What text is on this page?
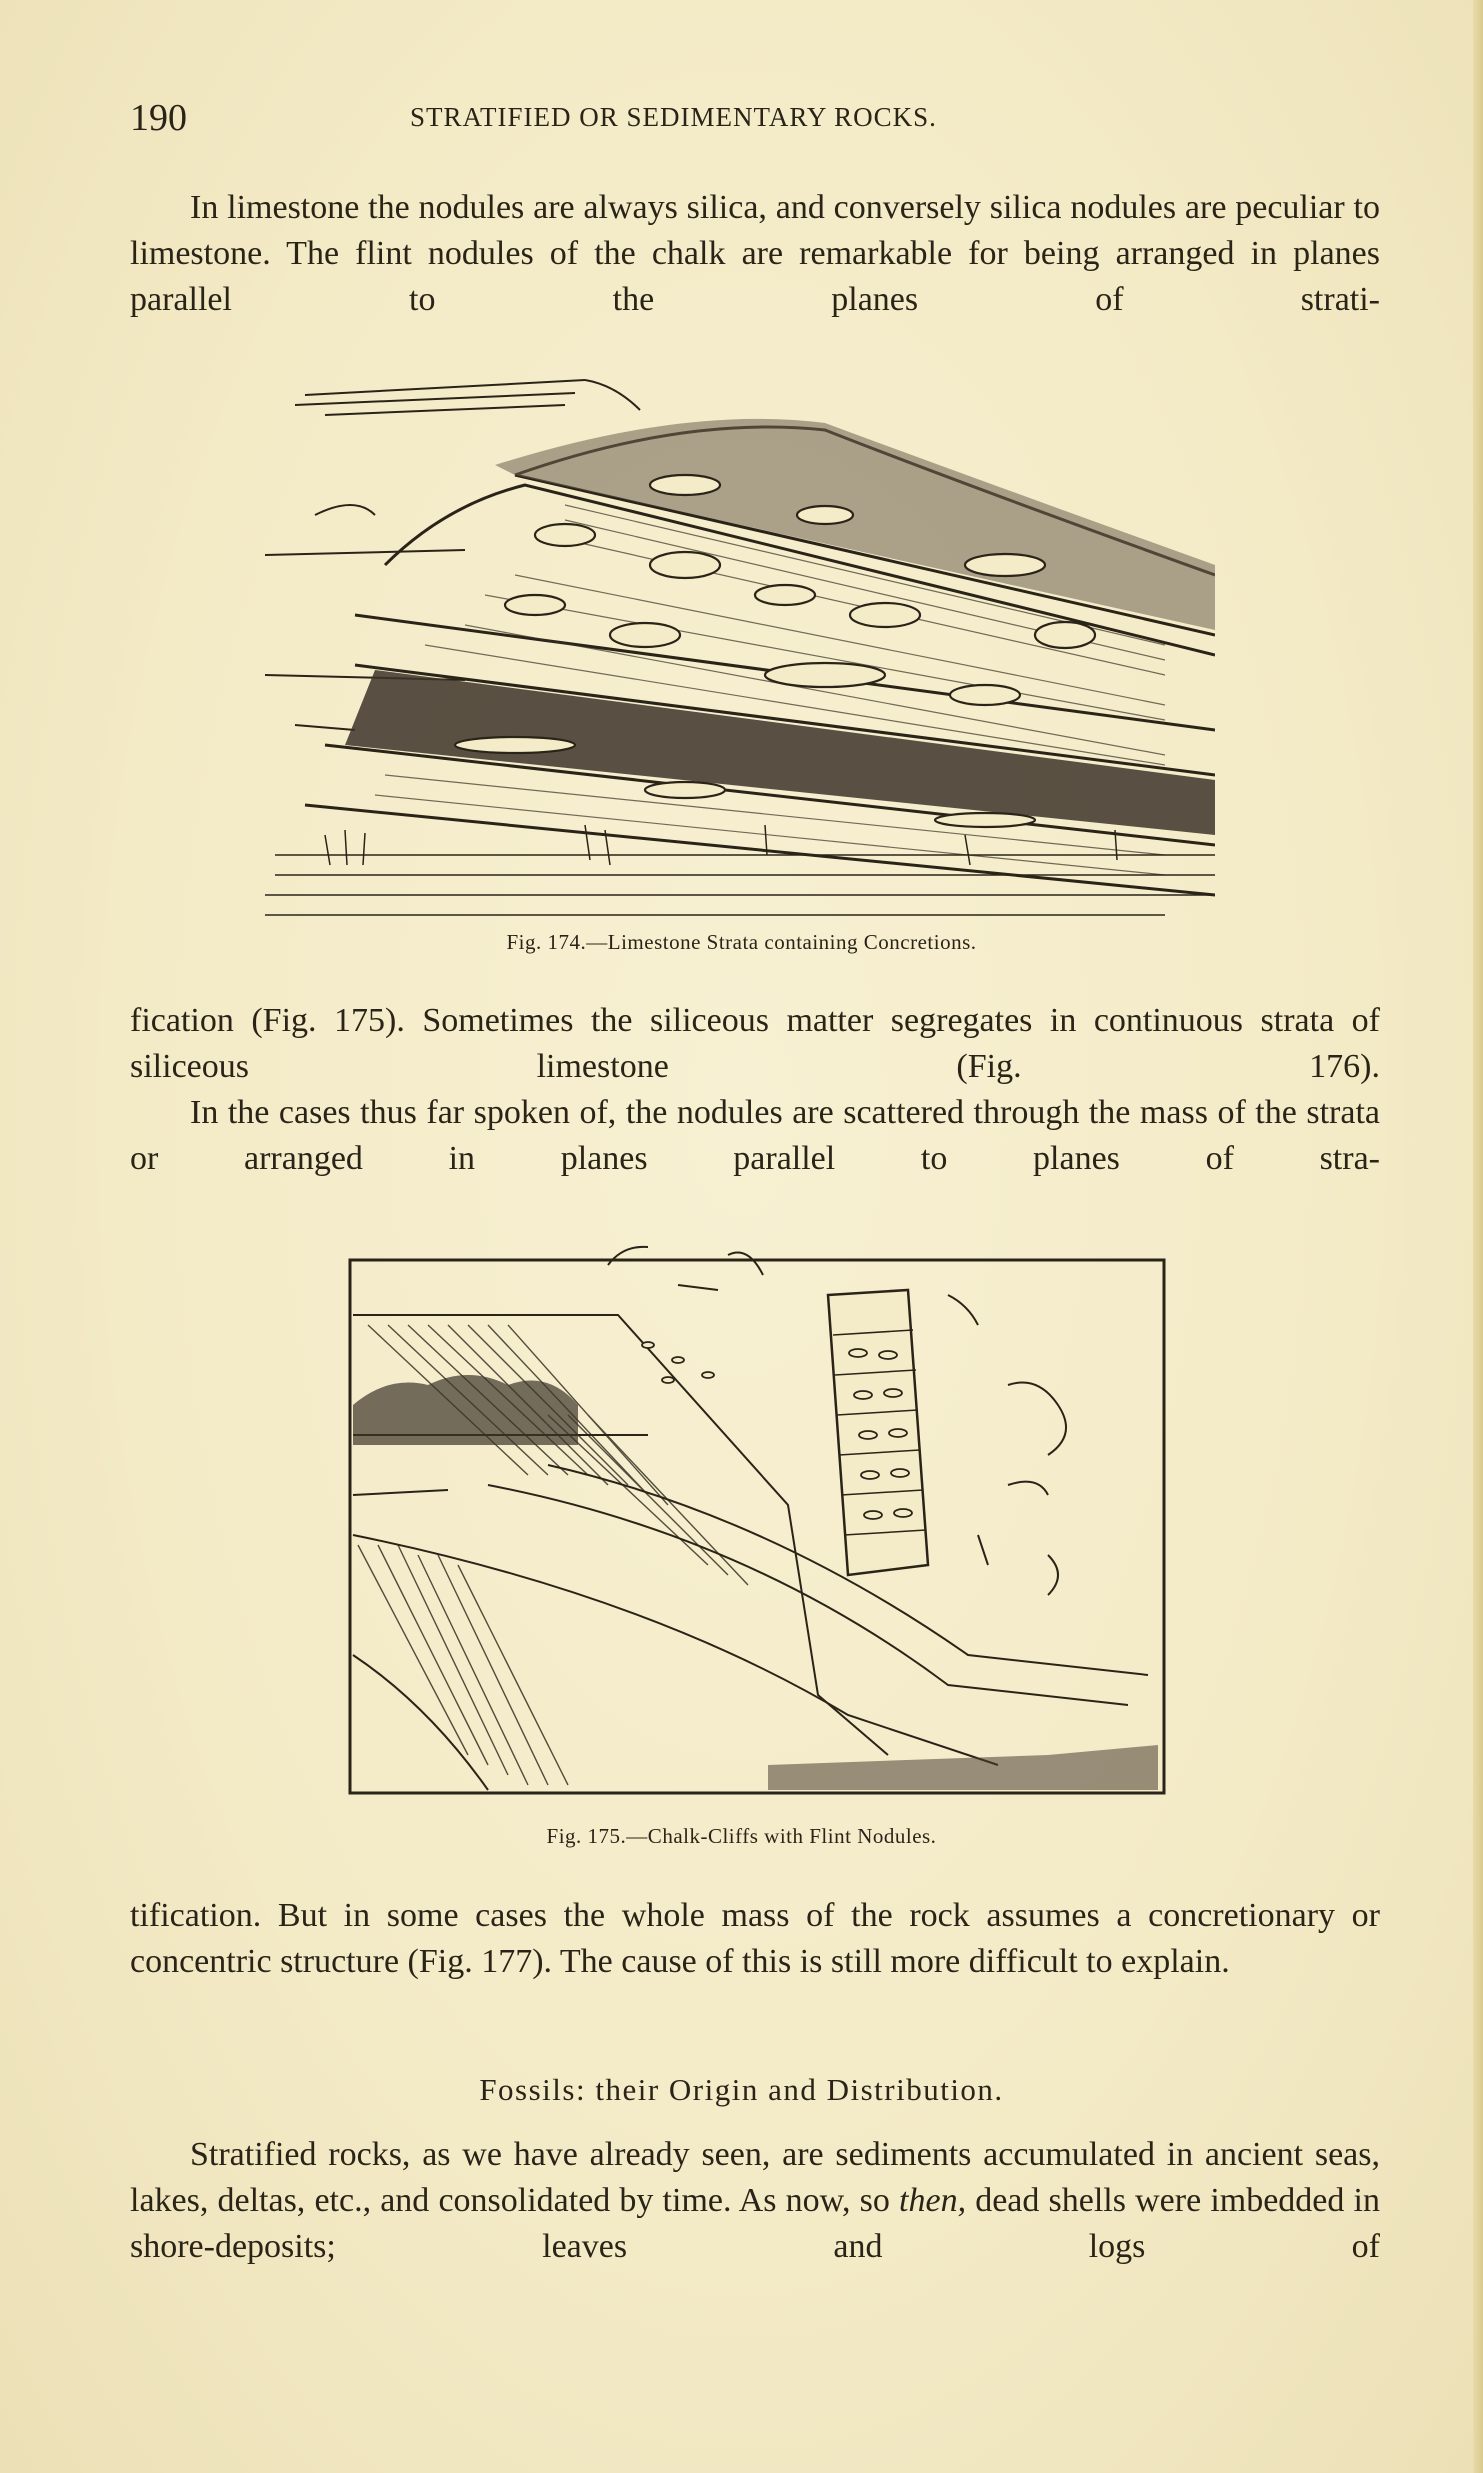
190	STRATIFIED OR SEDIMENTARY ROCKS.

In limestone the nodules are always silica, and conversely silica nodules are peculiar to limestone. The flint nodules of the chalk are remarkable for being arranged in planes parallel to the planes of strati-

Fig. 174.—Limestone Strata containing Concretions.

fication (Fig. 175). Sometimes the siliceous matter segregates in continuous strata of siliceous limestone (Fig. 176).

In the cases thus far spoken of, the nodules are scattered through the mass of the strata or arranged in planes parallel to planes of stra-

Fig. 175.—Chalk-Cliffs with Flint Nodules.

tification. But in some cases the whole mass of the rock assumes a concretionary or concentric structure (Fig. 177). The cause of this is still more difficult to explain.

Fossils: their Origin and Distribution.

Stratified rocks, as we have already seen, are sediments accumulated in ancient seas, lakes, deltas, etc., and consolidated by time. As now, so then, dead shells were imbedded in shore-deposits; leaves and logs of
